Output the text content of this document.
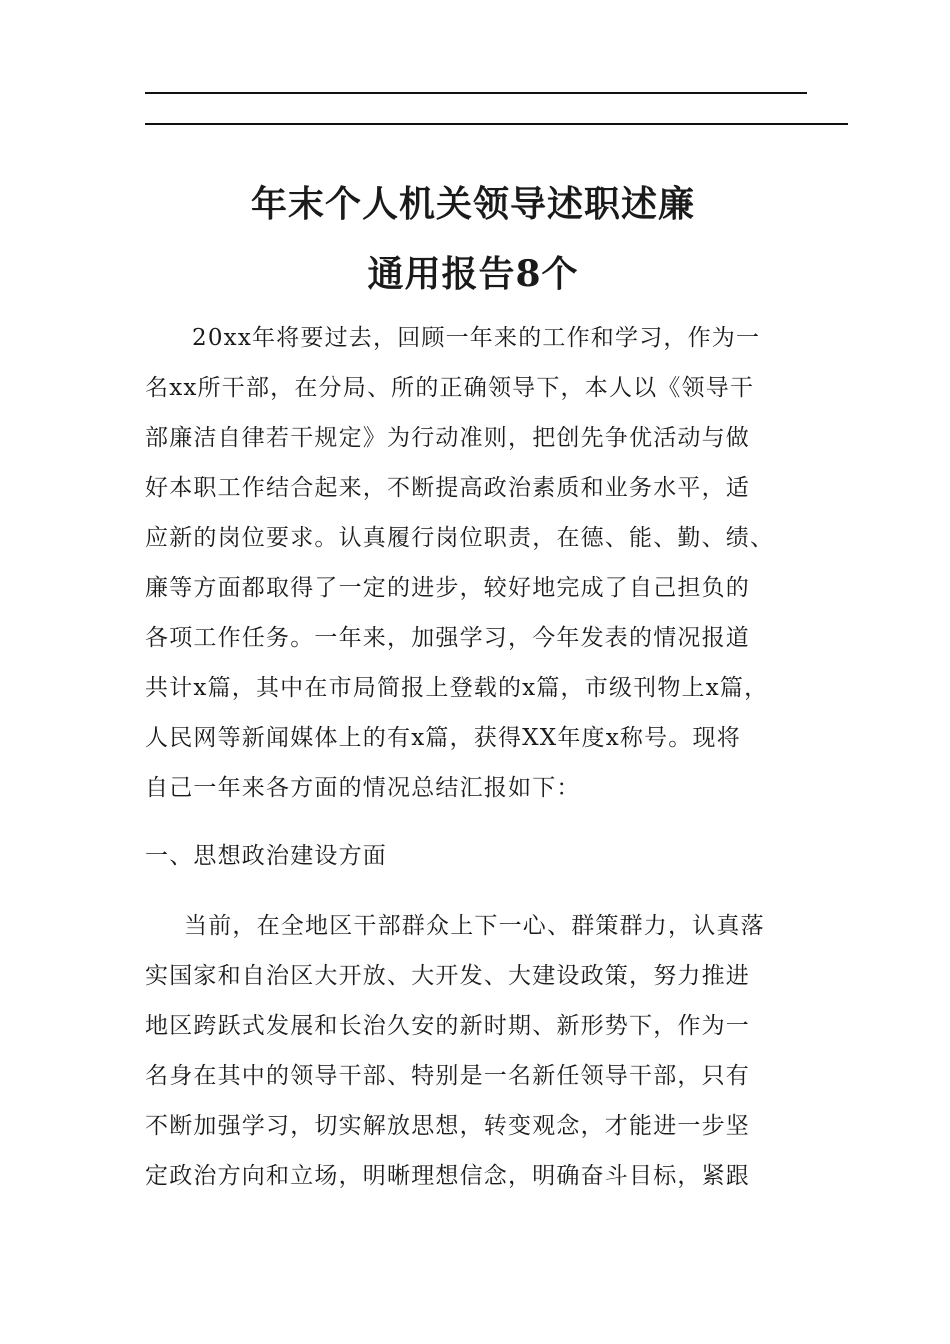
年末个人机关领导述职述廉
通用报告8个
20xx年将要过去，回顾一年来的工作和学习，作为一
名xx所干部，在分局、所的正确领导下，本人以《领导干
部廉洁自律若干规定》为行动准则，把创先争优活动与做
好本职工作结合起来，不断提高政治素质和业务水平，适
应新的岗位要求。认真履行岗位职责，在德、能、勤、绩、
廉等方面都取得了一定的进步，较好地完成了自己担负的
各项工作任务。一年来，加强学习，今年发表的情况报道
共计x篇，其中在市局简报上登载的x篇，市级刊物上x篇，
人民网等新闻媒体上的有x篇，获得XX年度x称号。现将
自己一年来各方面的情况总结汇报如下：
一、思想政治建设方面
当前，在全地区干部群众上下一心、群策群力，认真落
实国家和自治区大开放、大开发、大建设政策，努力推进
地区跨跃式发展和长治久安的新时期、新形势下，作为一
名身在其中的领导干部、特别是一名新任领导干部，只有
不断加强学习，切实解放思想，转变观念，才能进一步坚
定政治方向和立场，明晰理想信念，明确奋斗目标，紧跟
